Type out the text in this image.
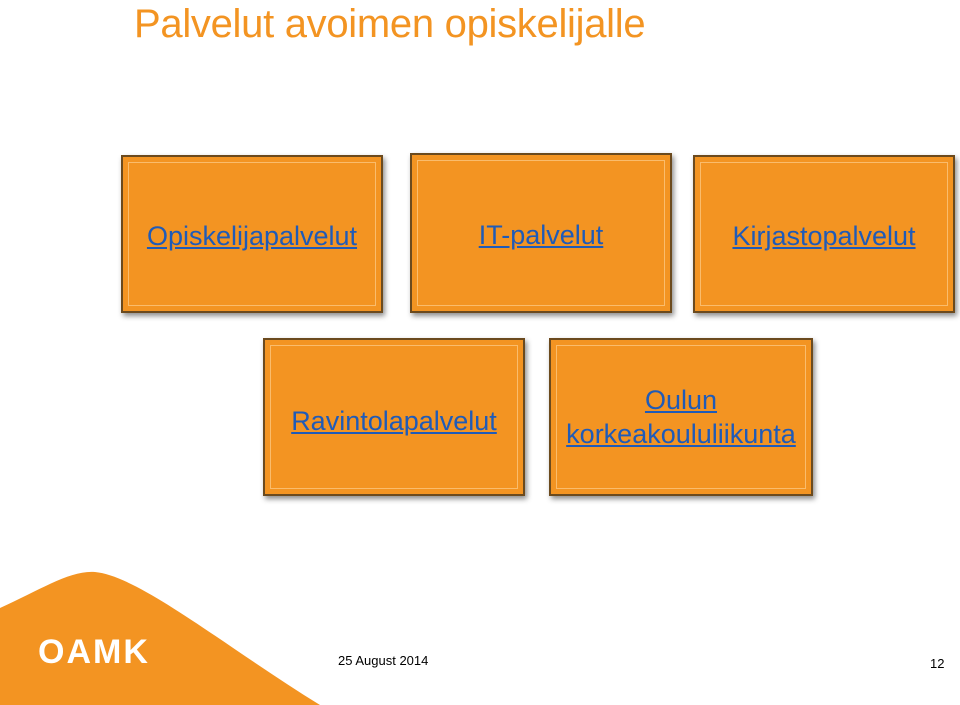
Palvelut avoimen opiskelijalle
Opiskelijapalvelut	IT-palvelut	Kirjastopalvelut
Ravintolapalvelut
Oulun
korkeakoululiikunta
OAMK	25 August 2014	12
